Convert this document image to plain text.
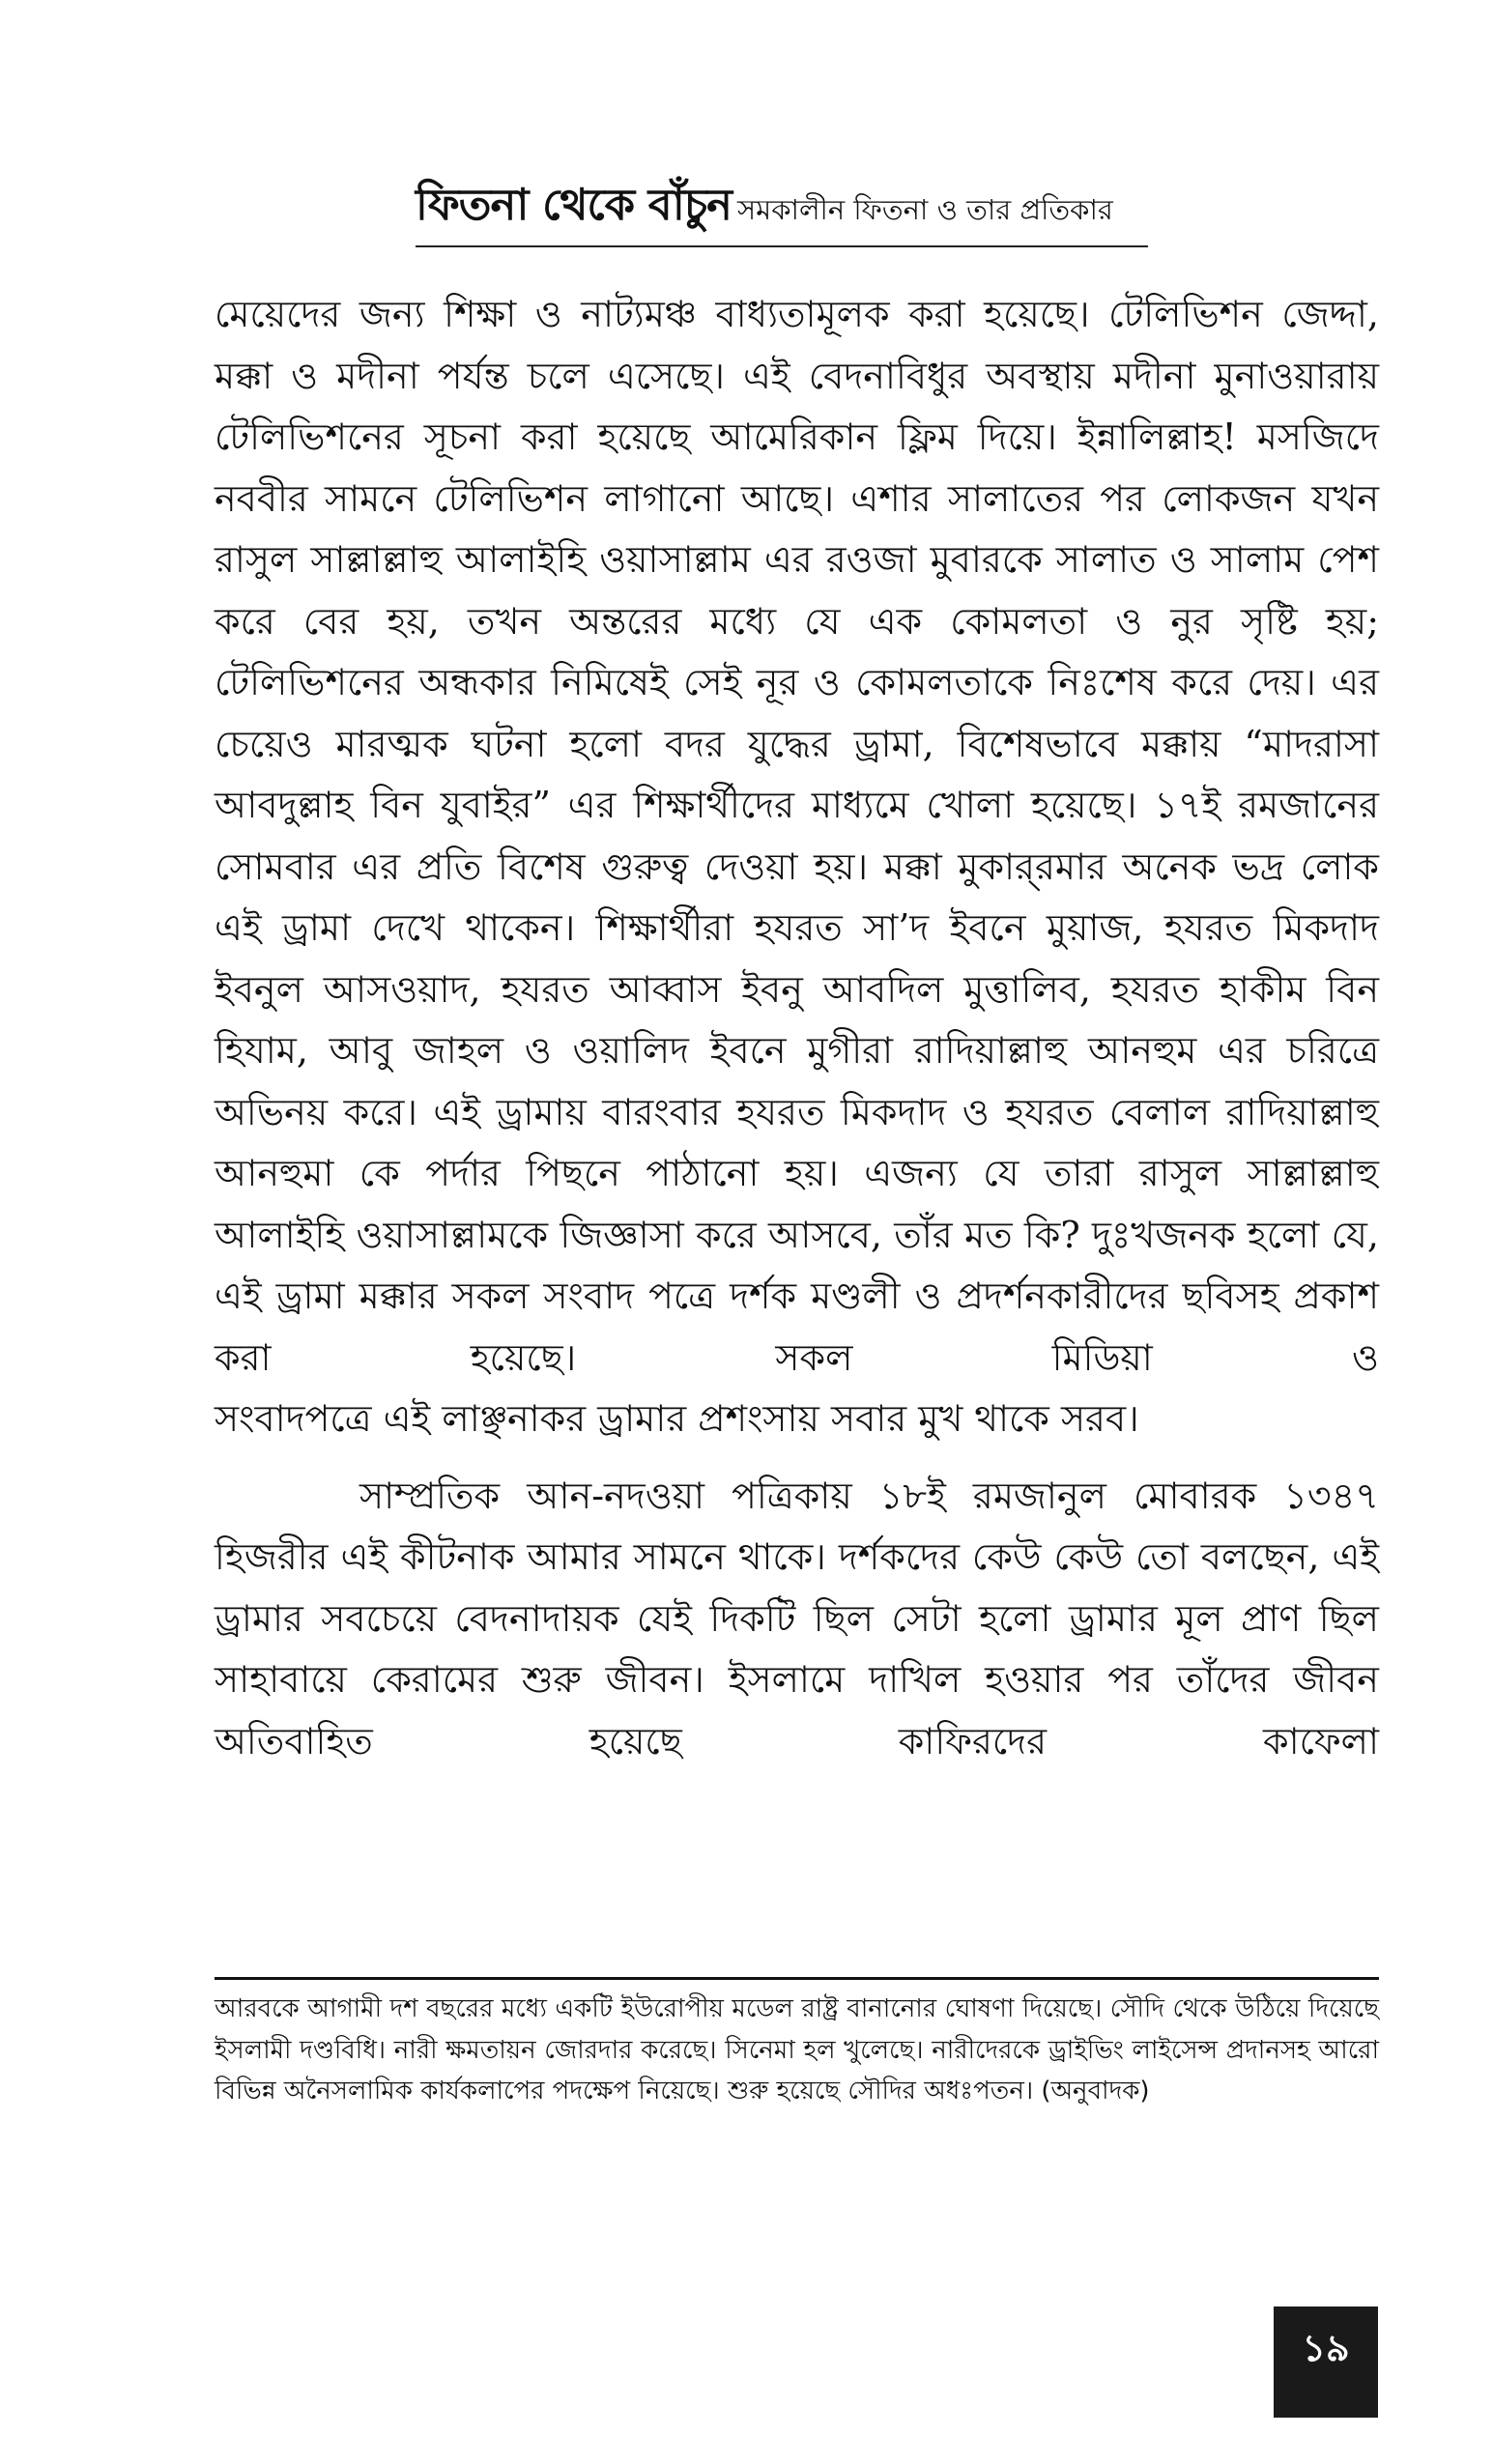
ফিতনা থেকে বাঁচুন সমকালীন ফিতনা ও তার প্রতিকার

মেয়েদের জন্য শিক্ষা ও নাট্যমঞ্চ বাধ্যতামূলক করা হয়েছে। টেলিভিশন জেদ্দা, মক্কা ও মদীনা পর্যন্ত চলে এসেছে। এই বেদনাবিধুর অবস্থায় মদীনা মুনাওয়ারায় টেলিভিশনের সূচনা করা হয়েছে আমেরিকান ফ্লিম দিয়ে। ইন্নালিল্লাহ! মসজিদে নববীর সামনে টেলিভিশন লাগানো আছে। এশার সালাতের পর লোকজন যখন রাসুল সাল্লাল্লাহু আলাইহি ওয়াসাল্লাম এর রওজা মুবারকে সালাত ও সালাম পেশ করে বের হয়, তখন অন্তরের মধ্যে যে এক কোমলতা ও নুর সৃষ্টি হয়; টেলিভিশনের অন্ধকার নিমিষেই সেই নূর ও কোমলতাকে নিঃশেষ করে দেয়। এর চেয়েও মারত্মক ঘটনা হলো বদর যুদ্ধের ড্রামা, বিশেষভাবে মক্কায় “মাদরাসা আবদুল্লাহ বিন যুবাইর” এর শিক্ষার্থীদের মাধ্যমে খোলা হয়েছে। ১৭ই রমজানের সোমবার এর প্রতি বিশেষ গুরুত্ব দেওয়া হয়। মক্কা মুকার্‌রমার অনেক ভদ্র লোক এই ড্রামা দেখে থাকেন। শিক্ষার্থীরা হযরত সা’দ ইবনে মুয়াজ, হযরত মিকদাদ ইবনুল আসওয়াদ, হযরত আব্বাস ইবনু আবদিল মুত্তালিব, হযরত হাকীম বিন হিযাম, আবু জাহল ও ওয়ালিদ ইবনে মুগীরা রাদিয়াল্লাহু আনহুম এর চরিত্রে অভিনয় করে। এই ড্রামায় বারংবার হযরত মিকদাদ ও হযরত বেলাল রাদিয়াল্লাহু আনহুমা কে পর্দার পিছনে পাঠানো হয়। এজন্য যে তারা রাসুল সাল্লাল্লাহু আলাইহি ওয়াসাল্লামকে জিজ্ঞাসা করে আসবে, তাঁর মত কি? দুঃখজনক হলো যে, এই ড্রামা মক্কার সকল সংবাদ পত্রে দর্শক মণ্ডলী ও প্রদর্শনকারীদের ছবিসহ প্রকাশ করা হয়েছে। সকল মিডিয়া ও

সংবাদপত্রে এই লাঞ্ছনাকর ড্রামার প্রশংসায় সবার মুখ থাকে সরব।

সাম্প্রতিক আন-নদওয়া পত্রিকায় ১৮ই রমজানুল মোবারক ১৩৪৭ হিজরীর এই কীটনাক আমার সামনে থাকে। দর্শকদের কেউ কেউ তো বলছেন, এই ড্রামার সবচেয়ে বেদনাদায়ক যেই দিকটি ছিল সেটা হলো ড্রামার মূল প্রাণ ছিল সাহাবায়ে কেরামের শুরু জীবন। ইসলামে দাখিল হওয়ার পর তাঁদের জীবন অতিবাহিত হয়েছে কাফিরদের কাফেলা

আরবকে আগামী দশ বছরের মধ্যে একটি ইউরোপীয় মডেল রাষ্ট্র বানানোর ঘোষণা দিয়েছে। সৌদি থেকে উঠিয়ে দিয়েছে ইসলামী দণ্ডবিধি। নারী ক্ষমতায়ন জোরদার করেছে। সিনেমা হল খুলেছে। নারীদেরকে ড্রাইভিং লাইসেন্স প্রদানসহ আরো বিভিন্ন অনৈসলামিক কার্যকলাপের পদক্ষেপ নিয়েছে। শুরু হয়েছে সৌদির অধঃপতন। (অনুবাদক)

১৯
